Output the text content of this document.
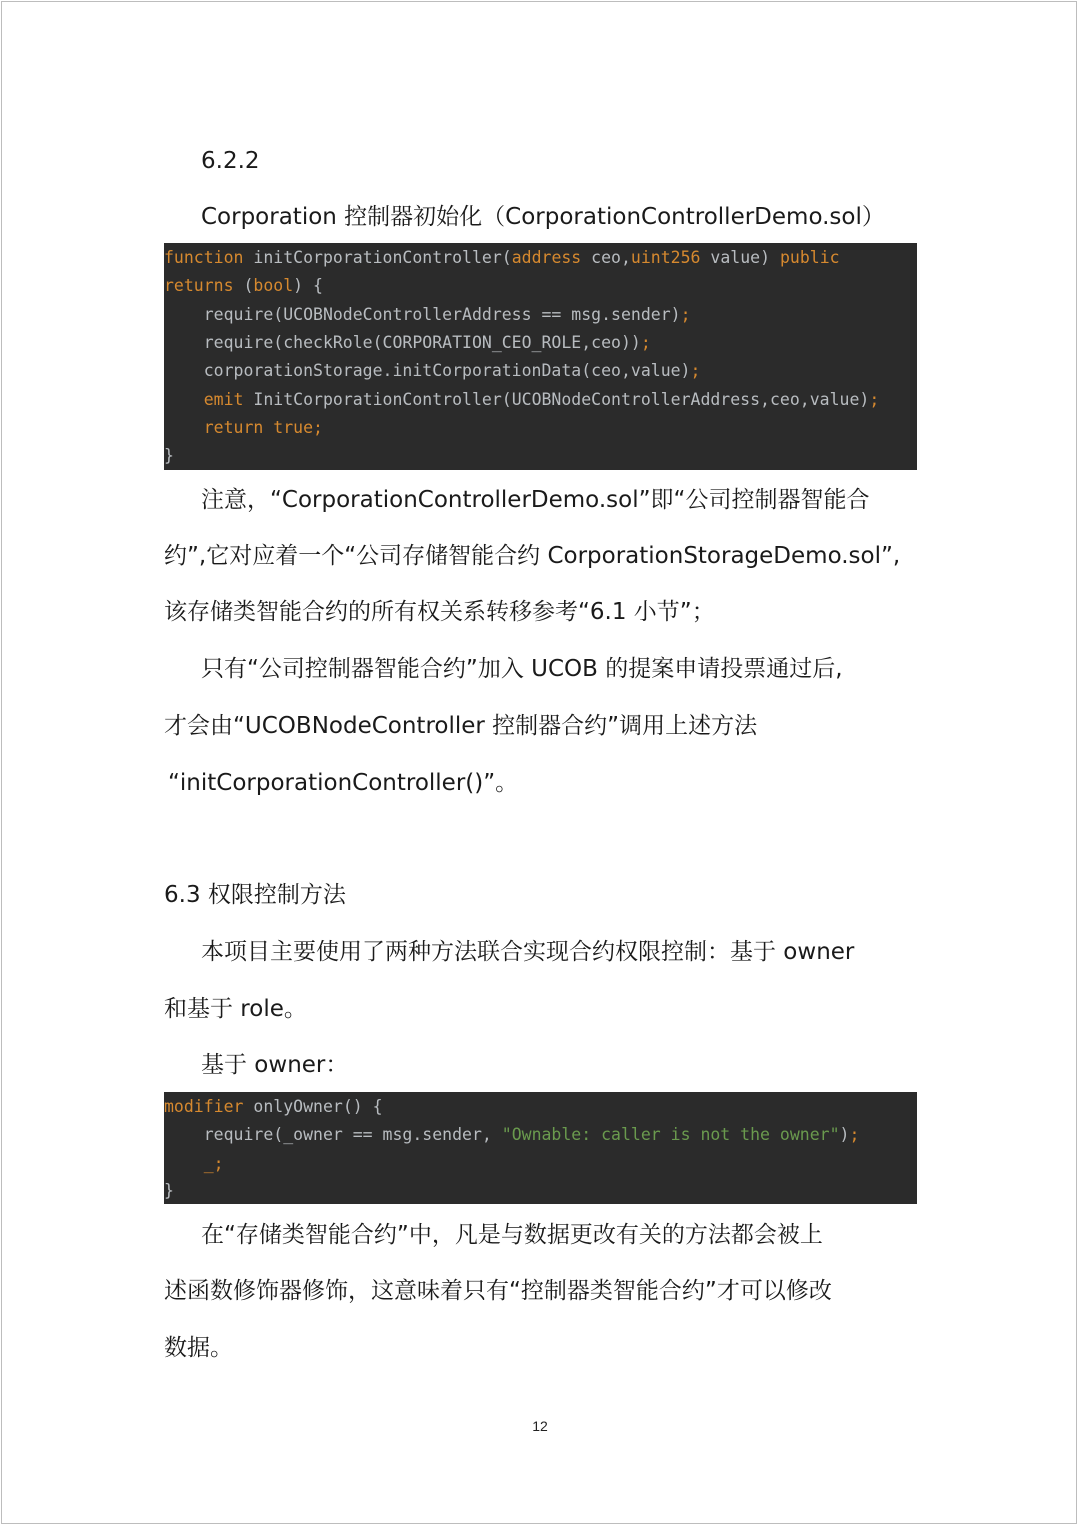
6.2.2
Corporation 控制器初始化（CorporationControllerDemo.sol）
function initCorporationController(address ceo,uint256 value) public
returns (bool) {
require(UCOBNodeControllerAddress == msg.sender);
require(checkRole(CORPORATION_CEO_ROLE,ceo));
corporationStorage.initCorporationData(ceo,value);
emit InitCorporationController(UCOBNodeControllerAddress,ceo,value);
return true;
}
注意，“CorporationControllerDemo.sol”即“公司控制器智能合
约”,它对应着一个“公司存储智能合约 CorporationStorageDemo.sol”,
该存储类智能合约的所有权关系转移参考“6.1 小节”；
只有“公司控制器智能合约”加入 UCOB 的提案申请投票通过后,
才会由“UCOBNodeController 控制器合约”调用上述方法
“initCorporationController()”。
6.3 权限控制方法
本项目主要使用了两种方法联合实现合约权限控制：基于 owner
和基于 role。
基于 owner：
modifier onlyOwner() {
require(_owner == msg.sender, "Ownable: caller is not the owner");
_;
}
在“存储类智能合约”中，凡是与数据更改有关的方法都会被上
述函数修饰器修饰，这意味着只有“控制器类智能合约”才可以修改
数据。
12
